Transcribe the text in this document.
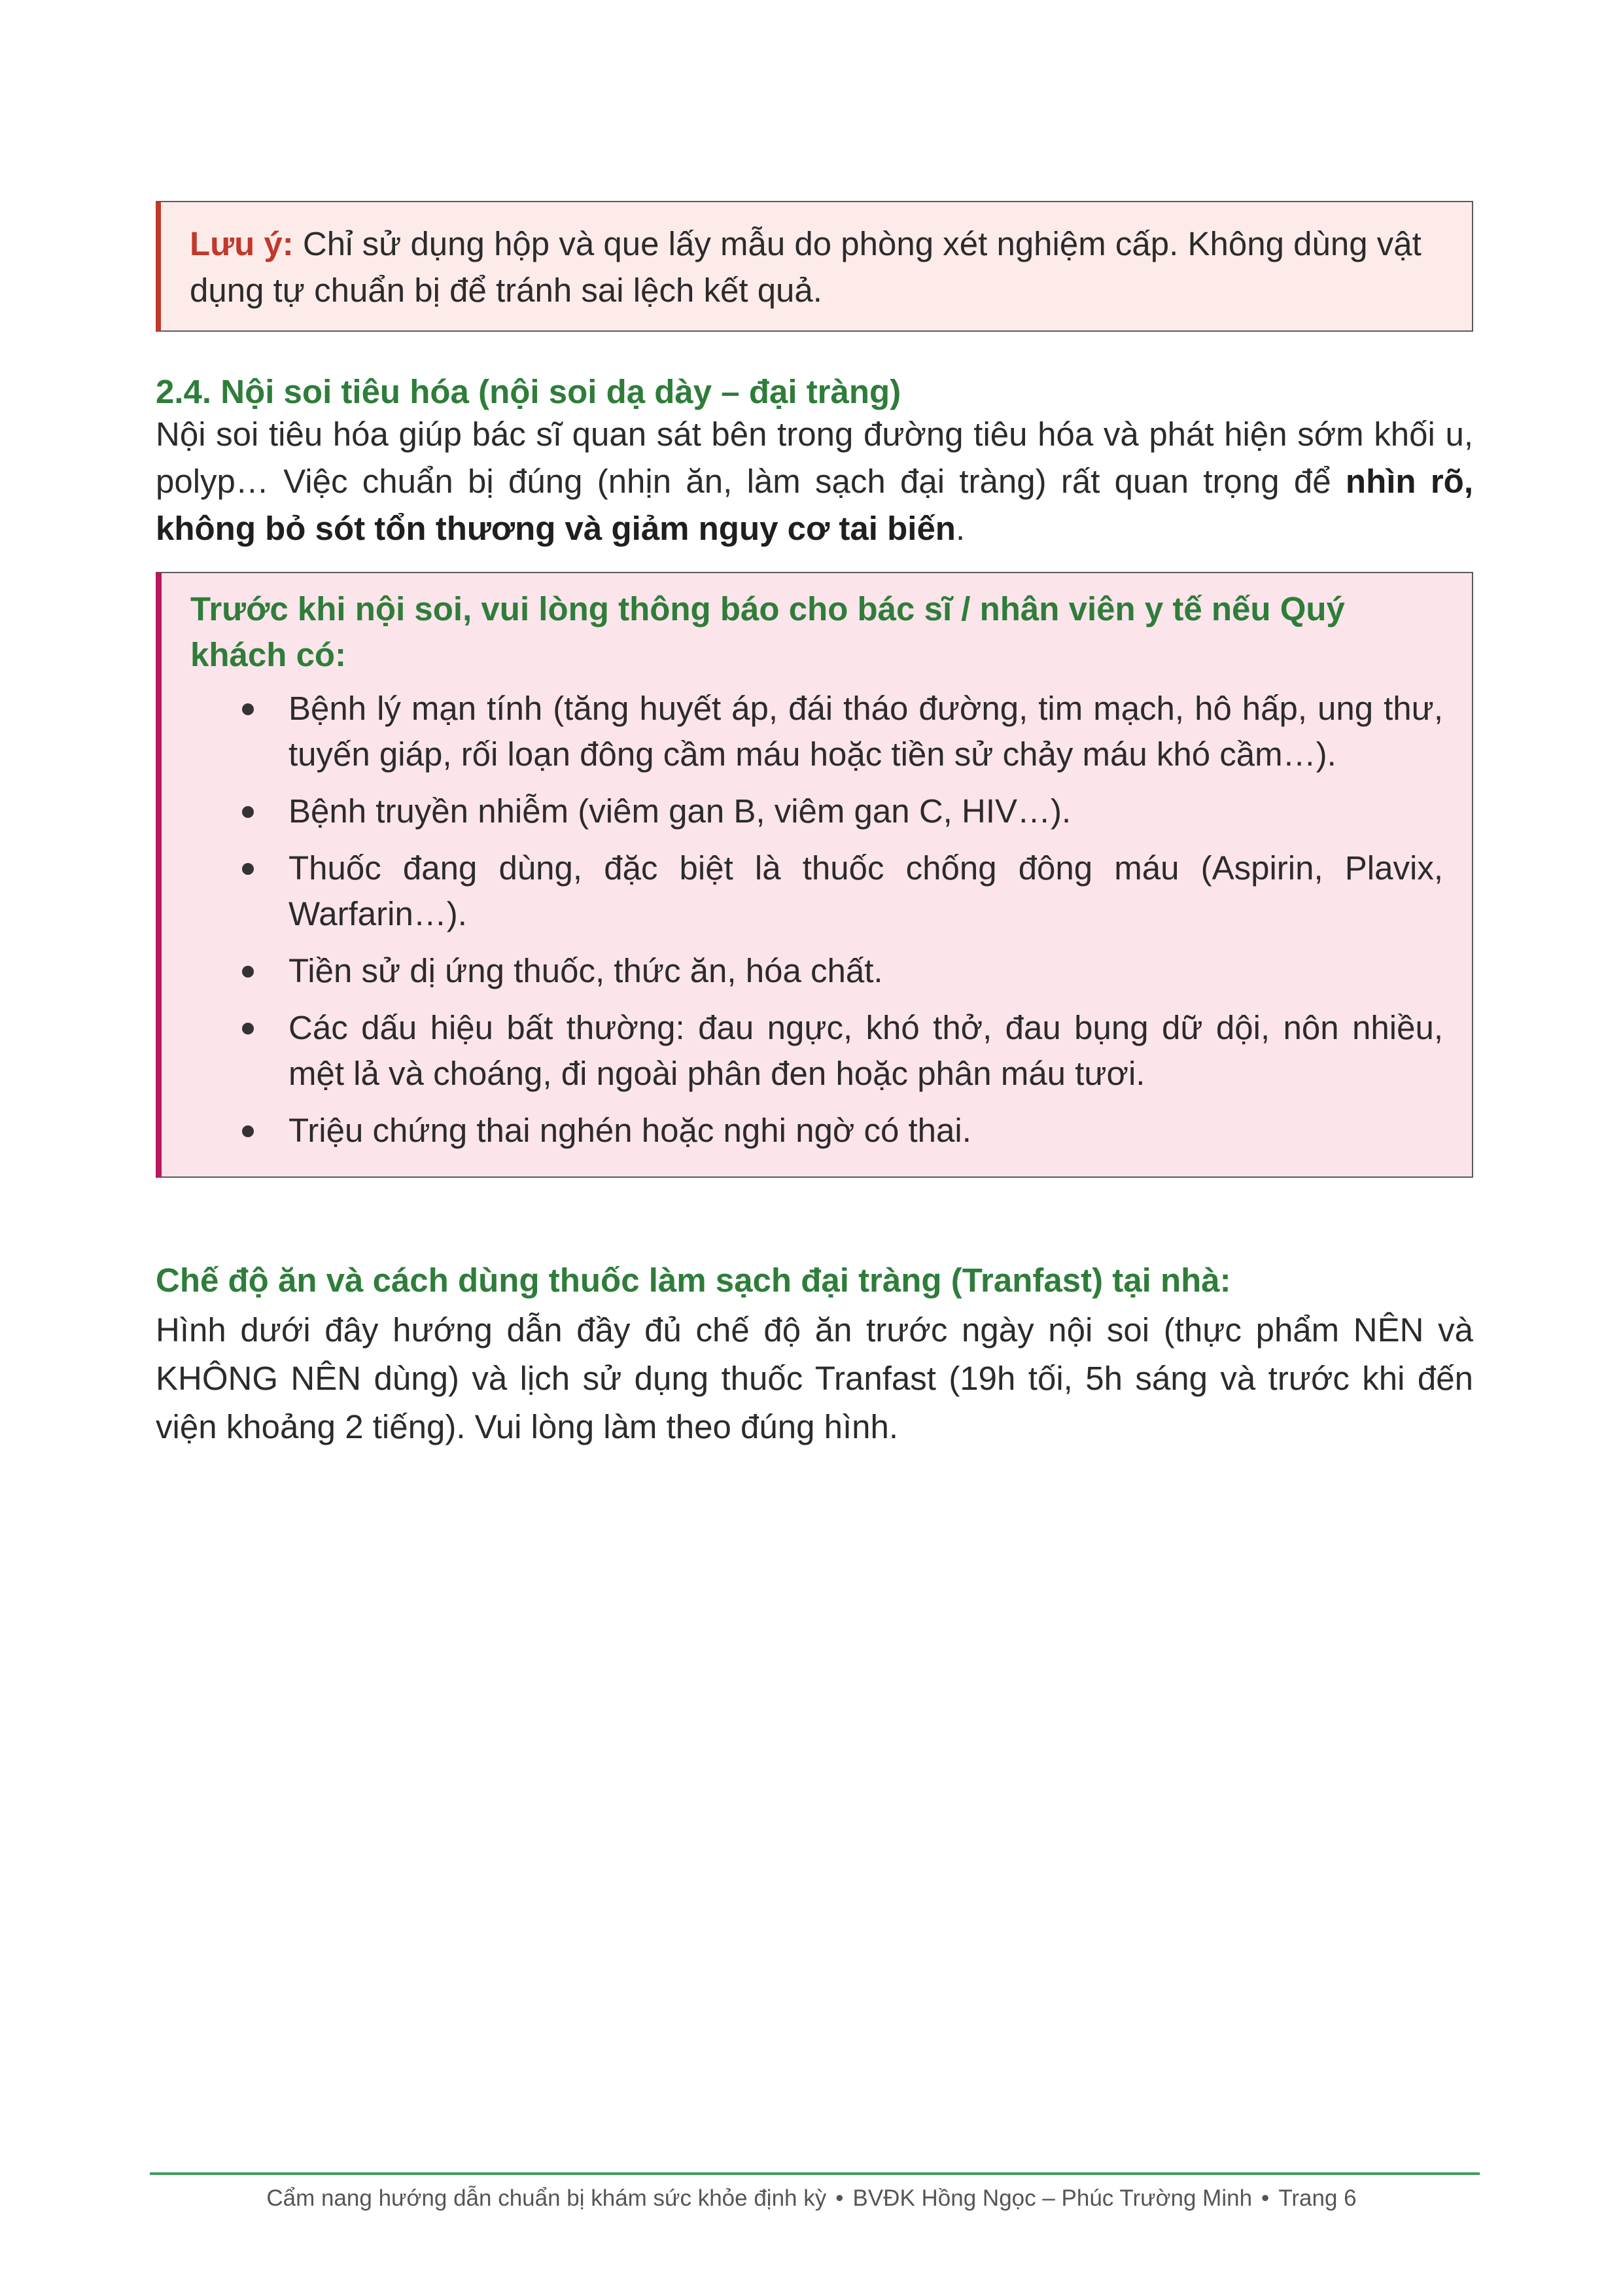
Lưu ý: Chỉ sử dụng hộp và que lấy mẫu do phòng xét nghiệm cấp. Không dùng vật dụng tự chuẩn bị để tránh sai lệch kết quả.
2.4. Nội soi tiêu hóa (nội soi dạ dày – đại tràng)

Nội soi tiêu hóa giúp bác sĩ quan sát bên trong đường tiêu hóa và phát hiện sớm khối u, polyp… Việc chuẩn bị đúng (nhịn ăn, làm sạch đại tràng) rất quan trọng để nhìn rõ, không bỏ sót tổn thương và giảm nguy cơ tai biến.

Trước khi nội soi, vui lòng thông báo cho bác sĩ / nhân viên y tế nếu Quý khách có:

Bệnh lý mạn tính (tăng huyết áp, đái tháo đường, tim mạch, hô hấp, ung thư, tuyến giáp, rối loạn đông cầm máu hoặc tiền sử chảy máu khó cầm…).
Bệnh truyền nhiễm (viêm gan B, viêm gan C, HIV…).
Thuốc đang dùng, đặc biệt là thuốc chống đông máu (Aspirin, Plavix, Warfarin…).
Tiền sử dị ứng thuốc, thức ăn, hóa chất.
Các dấu hiệu bất thường: đau ngực, khó thở, đau bụng dữ dội, nôn nhiều, mệt lả và choáng, đi ngoài phân đen hoặc phân máu tươi.
Triệu chứng thai nghén hoặc nghi ngờ có thai.
Chế độ ăn và cách dùng thuốc làm sạch đại tràng (Tranfast) tại nhà:

Hình dưới đây hướng dẫn đầy đủ chế độ ăn trước ngày nội soi (thực phẩm NÊN và KHÔNG NÊN dùng) và lịch sử dụng thuốc Tranfast (19h tối, 5h sáng và trước khi đến viện khoảng 2 tiếng). Vui lòng làm theo đúng hình.

Cẩm nang hướng dẫn chuẩn bị khám sức khỏe định kỳ • BVĐK Hồng Ngọc – Phúc Trường Minh • Trang 6
